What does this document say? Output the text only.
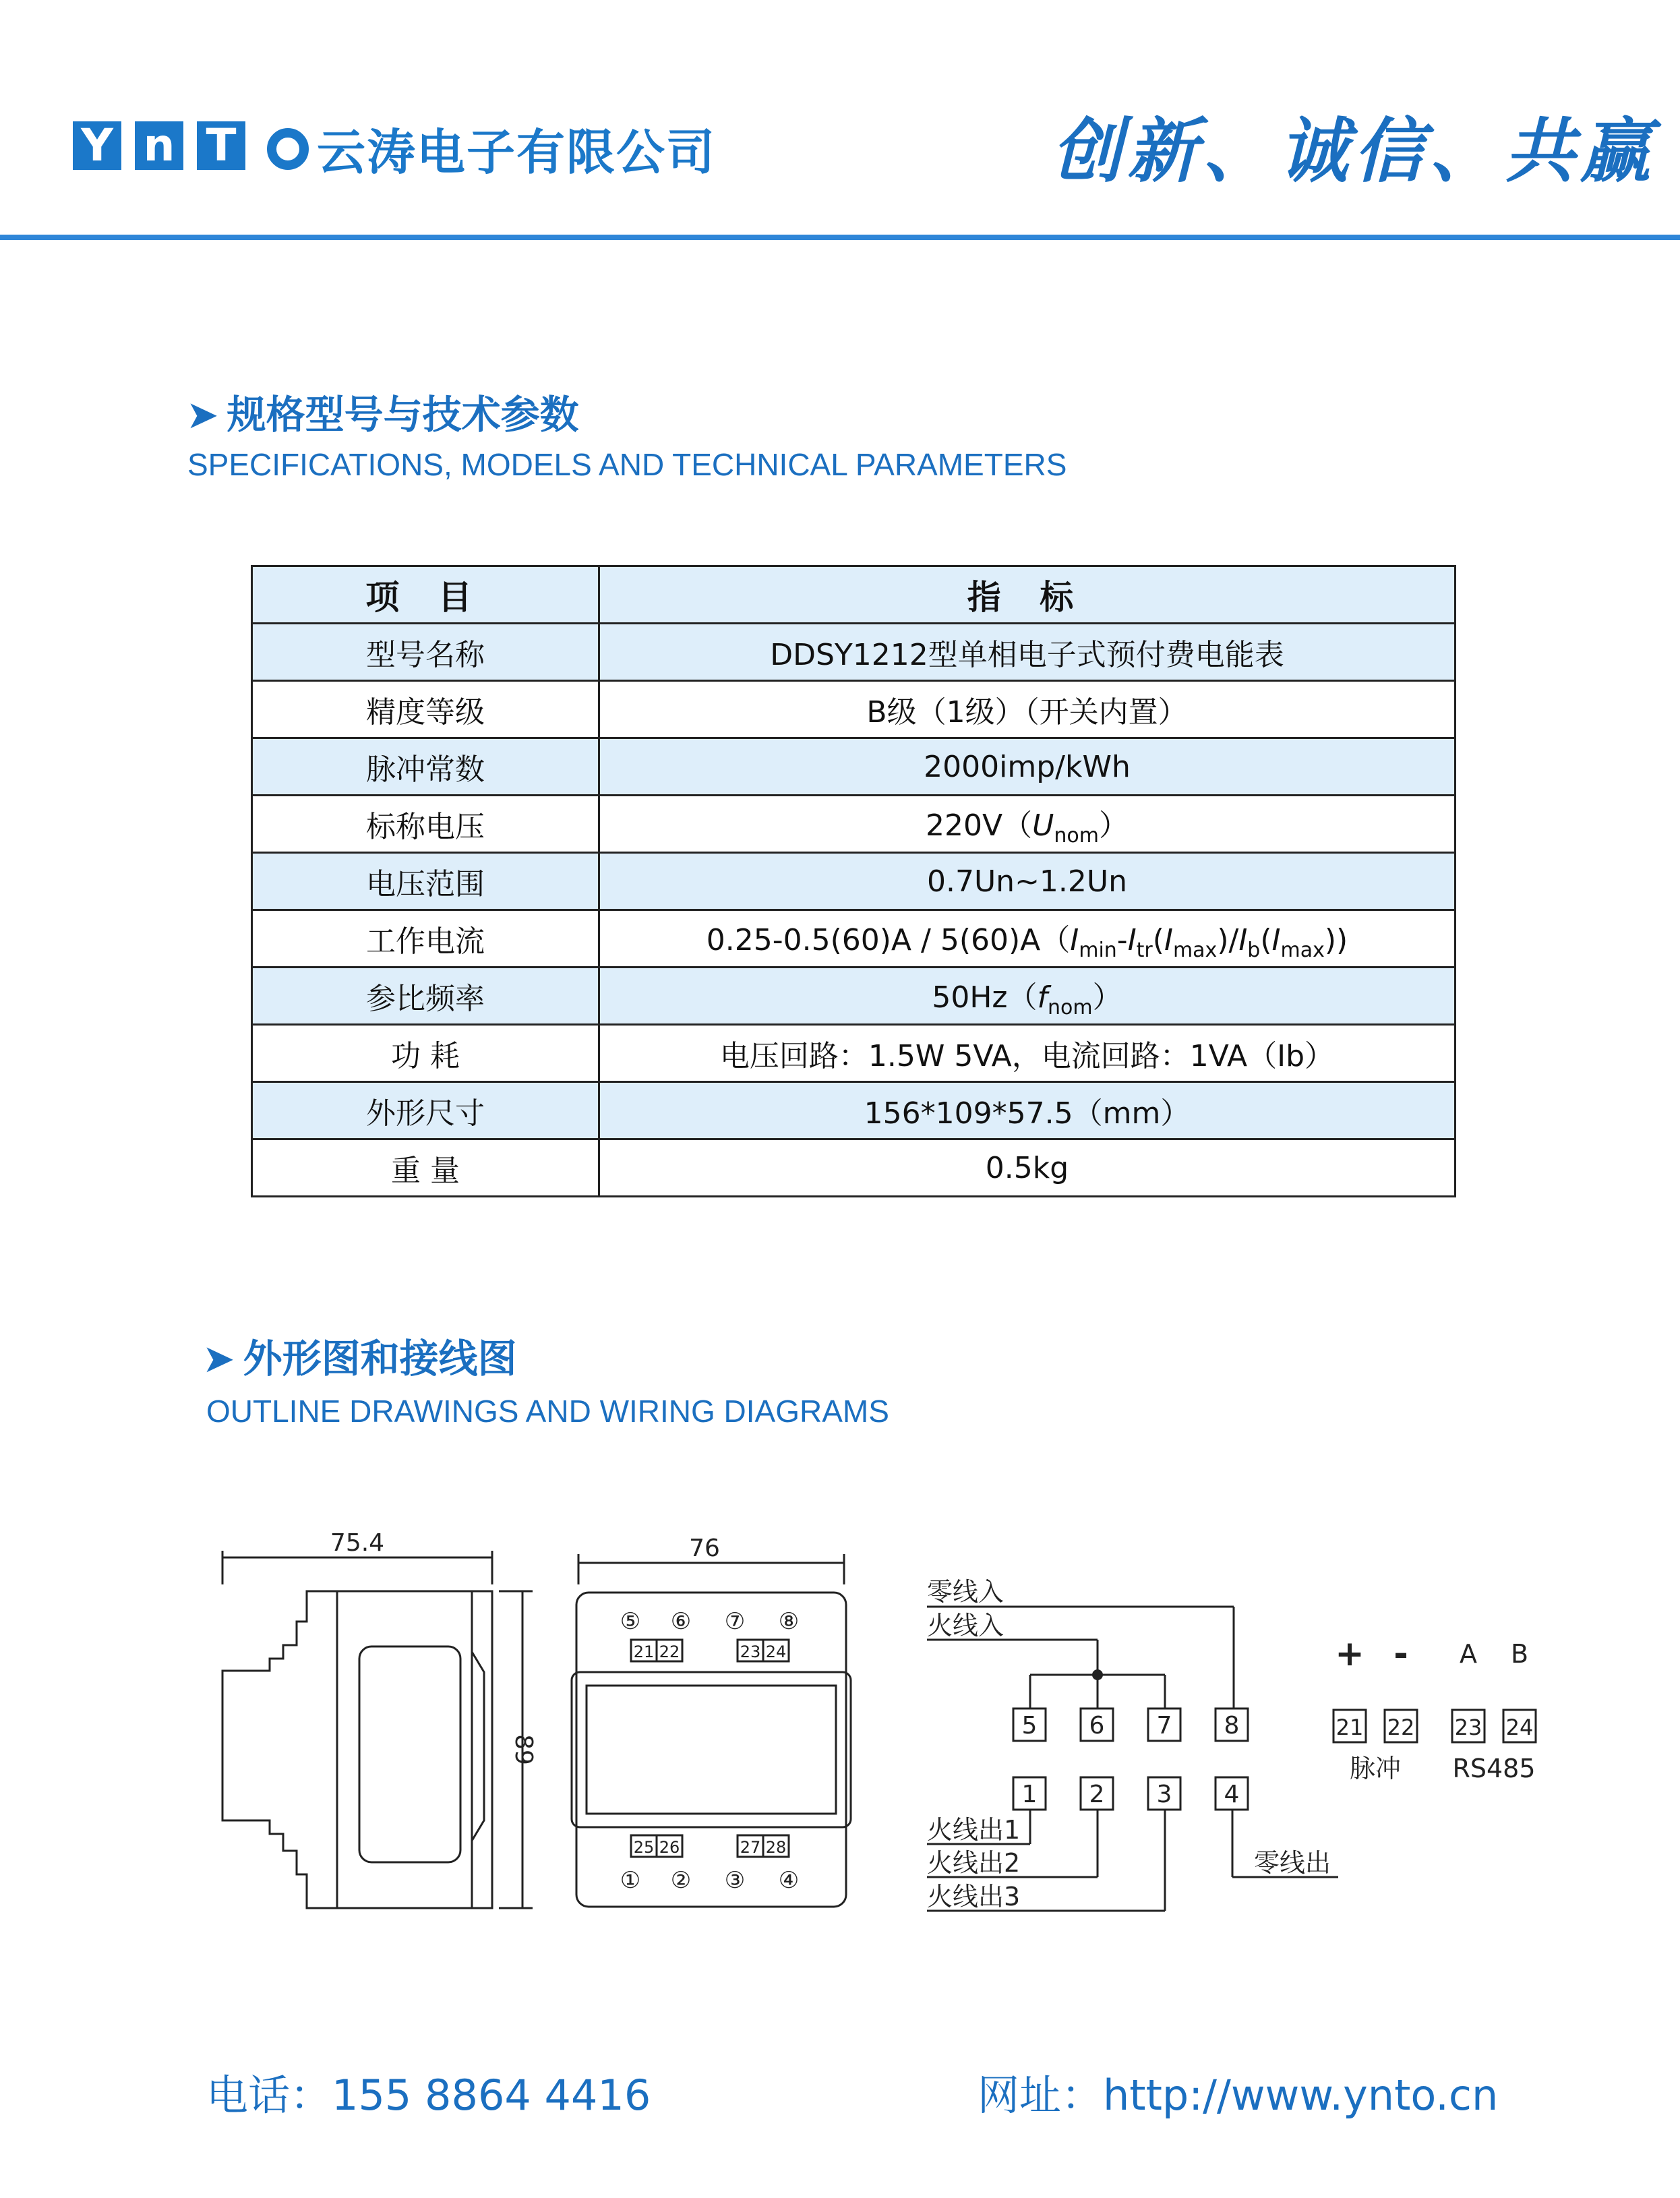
Y n T 云涛电子有限公司	创新、诚信、共赢
➤ 规格型号与技术参数
SPECIFICATIONS, MODELS AND TECHNICAL PARAMETERS
项 目	指 标
型号名称	DDSY1212型单相电子式预付费电能表
精度等级	B级（1级）（开关内置）
脉冲常数	2000imp/kWh
标称电压	$220V(U_{nom})$
电压范围	0.7Un~1.2Un
工作电流	$0.25-0.5(60)A / 5(60)A(I_{min}-I_{tr}(I_{max})/I_b(I_{max}))$
参比频率	$50Hz(f_{nom})$
功 耗	电压回路：1.5W 5VA，电流回路：1VA（Ib）
外形尺寸	156*109*57.5（mm）
重 量	0.5kg
➤ 外形图和接线图
OUTLINE DRAWINGS AND WIRING DIAGRAMS
75.4	76
89
⑤ ⑥ ⑦ ⑧
21 22	23 24
25 26	27 28
① ② ③ ④
零线入
火线入
5 6 7 8
1 2 3 4
火线出1
火线出2
火线出3
零线出
+ - A B
21 22 23 24
脉冲 RS485
电话：155 8864 4416	网址：http://www.ynto.cn
